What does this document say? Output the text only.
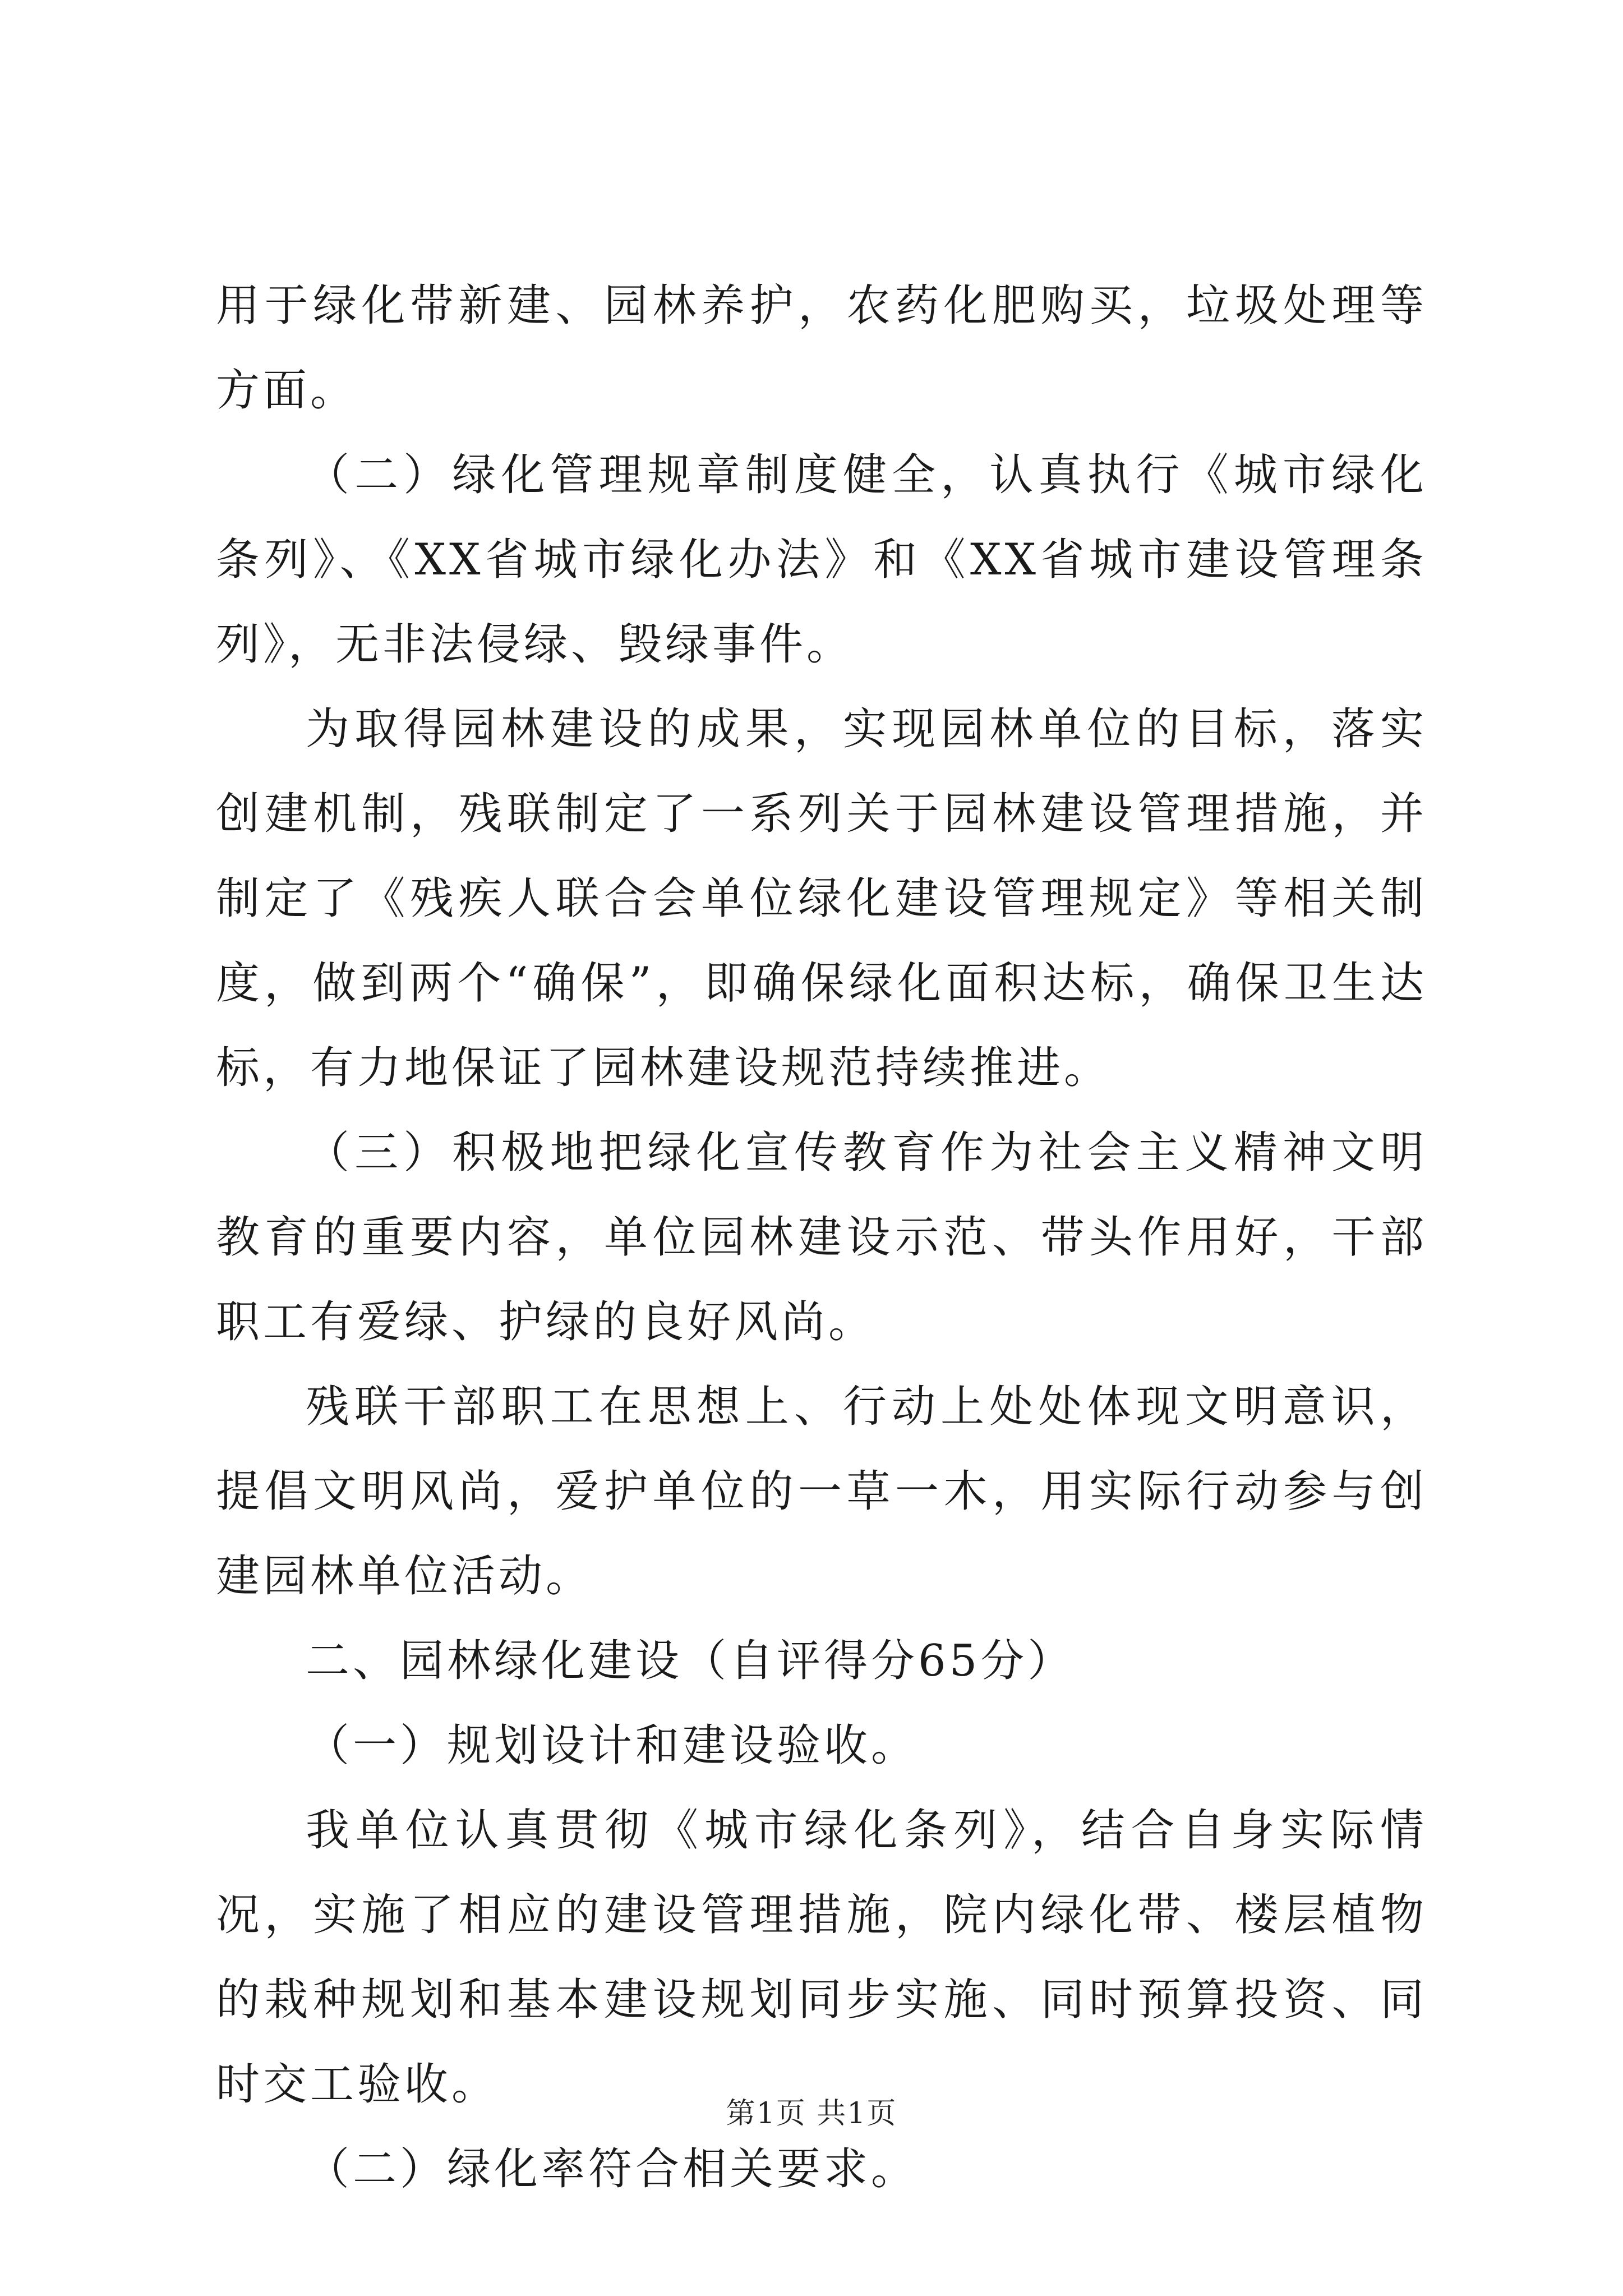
用于绿化带新建、园林养护，农药化肥购买，垃圾处理等方面。

（二）绿化管理规章制度健全，认真执行《城市绿化条列》、《XX省城市绿化办法》和《XX省城市建设管理条列》，无非法侵绿、毁绿事件。

为取得园林建设的成果，实现园林单位的目标，落实创建机制，残联制定了一系列关于园林建设管理措施，并制定了《残疾人联合会单位绿化建设管理规定》等相关制度，做到两个“确保”，即确保绿化面积达标，确保卫生达标，有力地保证了园林建设规范持续推进。

（三）积极地把绿化宣传教育作为社会主义精神文明教育的重要内容，单位园林建设示范、带头作用好，干部职工有爱绿、护绿的良好风尚。

残联干部职工在思想上、行动上处处体现文明意识，提倡文明风尚，爱护单位的一草一木，用实际行动参与创建园林单位活动。

二、园林绿化建设（自评得分65分）

（一）规划设计和建设验收。

我单位认真贯彻《城市绿化条列》，结合自身实际情况，实施了相应的建设管理措施，院内绿化带、楼层植物的栽种规划和基本建设规划同步实施、同时预算投资、同时交工验收。

（二）绿化率符合相关要求。

第1页 共1页
